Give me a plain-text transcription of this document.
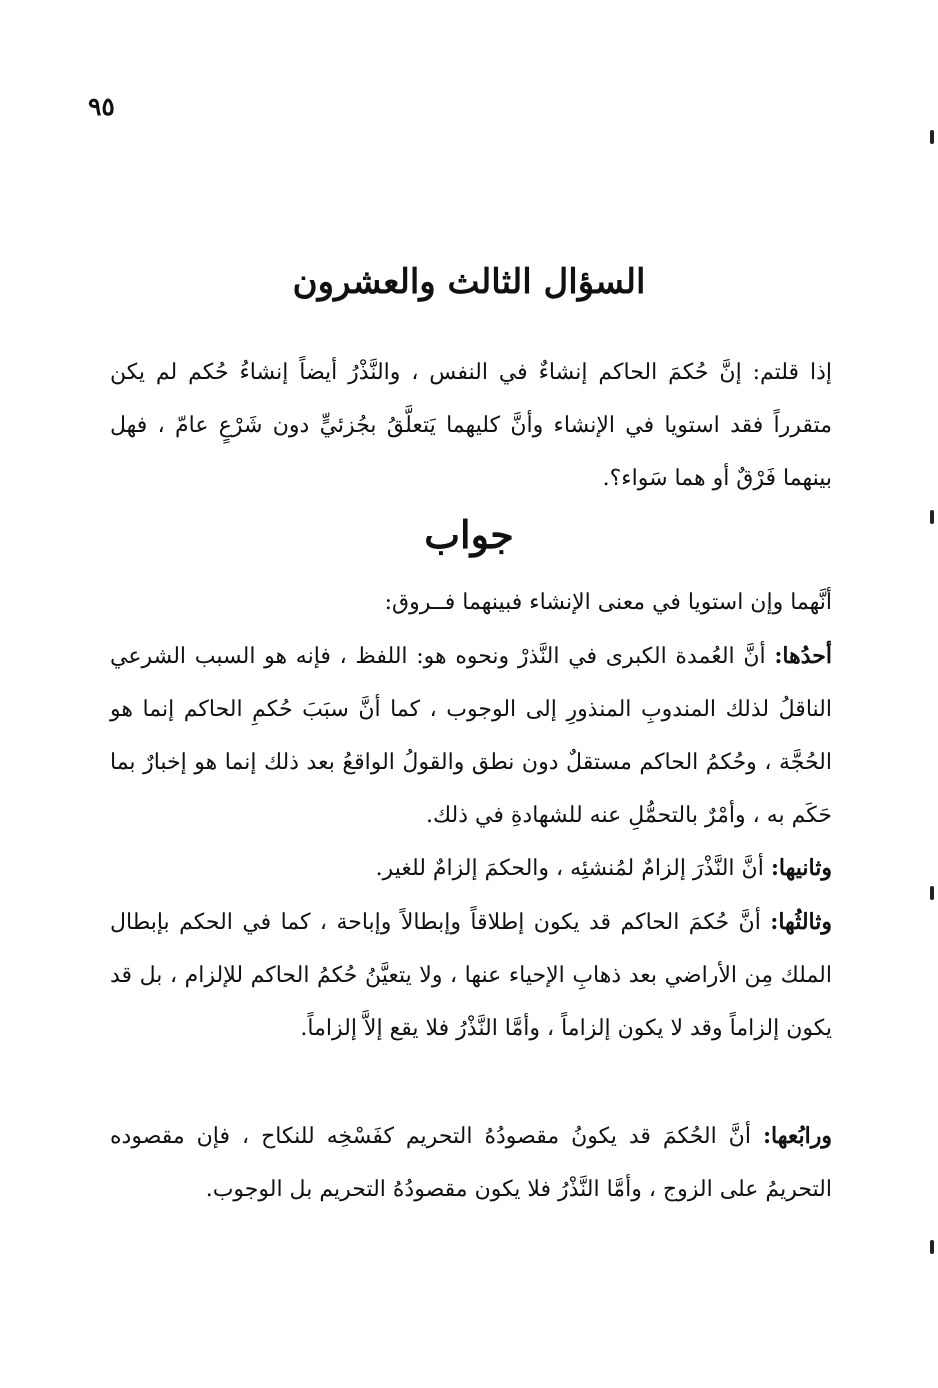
٩٥
السؤال الثالث والعشرون

إذا قلتم: إنَّ حُكمَ الحاكم إنشاءٌ في النفس ، والنَّذْرُ أيضاً إنشاءُ حُكم لم يكن متقرراً فقد استويا في الإنشاء وأنَّ كليهما يَتعلَّقُ بجُزئيٍّ دون شَرْعٍ عامّ ، فهل بينهما فَرْقٌ أو هما سَواء؟.

جواب

أنَّهما وإن استويا في معنى الإنشاء فبينهما فــروق:

أحدُها: أنَّ العُمدة الكبرى في النَّذرْ ونحوه هو: اللفظ ، فإنه هو السبب الشرعي الناقلُ لذلك المندوبِ المنذورِ إلى الوجوب ، كما أنَّ سبَبَ حُكمِ الحاكم إنما هو الحُجَّة ، وحُكمُ الحاكم مستقلٌ دون نطق والقولُ الواقعُ بعد ذلك إنما هو إخبارٌ بما حَكَم به ، وأمْرٌ بالتحمُّلِ عنه للشهادةِ في ذلك.

وثانيها: أنَّ النَّذْرَ إلزامٌ لمُنشئِه ، والحكمَ إلزامٌ للغير.

وثالثُها: أنَّ حُكمَ الحاكم قد يكون إطلاقاً وإبطالاً وإباحة ، كما في الحكم بإبطال الملك مِن الأراضي بعد ذهابِ الإحياء عنها ، ولا يتعيَّنُ حُكمُ الحاكم للإلزام ، بل قد يكون إلزاماً وقد لا يكون إلزاماً ، وأمَّا النَّذْرُ فلا يقع إلاَّ إلزاماً.

ورابُعها: أنَّ الحُكمَ قد يكونُ مقصودُهُ التحريم كفَسْخِه للنكاح ، فإن مقصوده التحريمُ على الزوج ، وأمَّا النَّذْرُ فلا يكون مقصودُهُ التحريم بل الوجوب.
